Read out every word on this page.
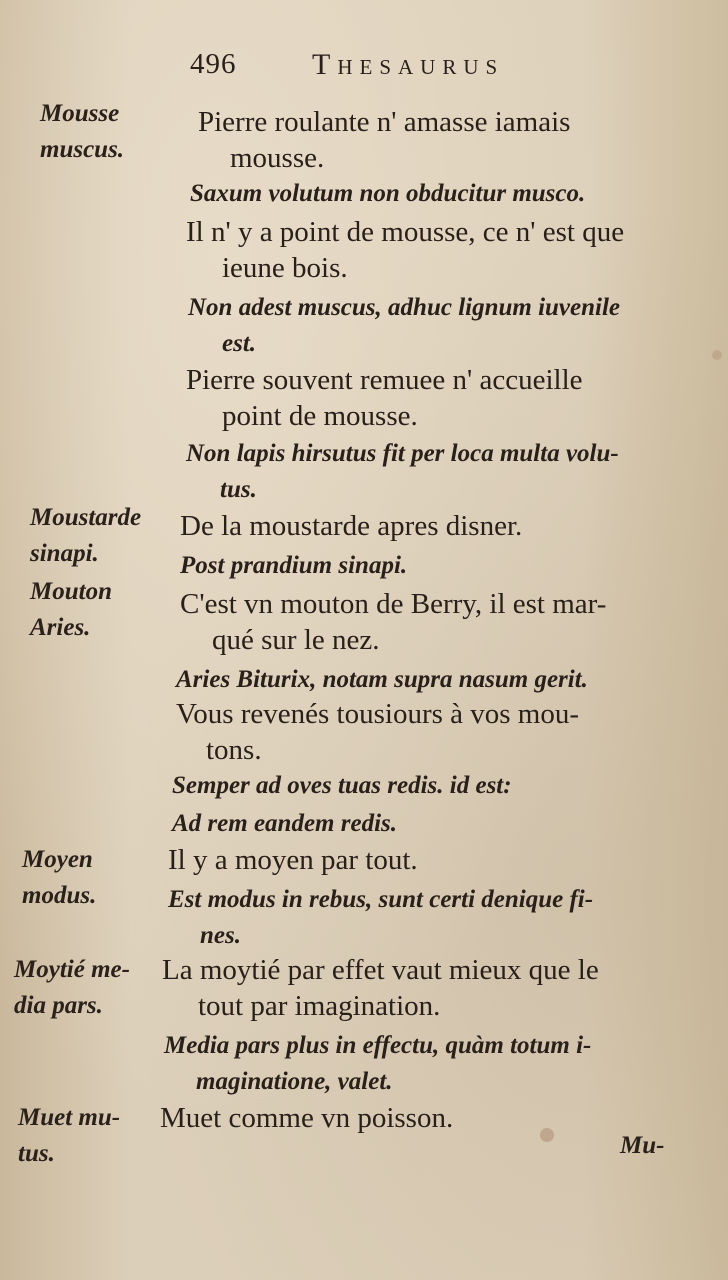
496	Thesaurus
Mousse
muscus.
Pierre roulante n' amasse iamais
mousse.
Saxum volutum non obducitur musco.
Il n' y a point de mousse, ce n' est que
ieune bois.
Non adest muscus, adhuc lignum iuvenile
est.
Pierre souvent remuee n' accueille
point de mousse.
Non lapis hirsutus fit per loca multa volu-
tus.
Moustarde
sinapi.
De la moustarde apres disner.
Post prandium sinapi.
Mouton
Aries.
C'est vn mouton de Berry, il est mar-
qué sur le nez.
Aries Biturix, notam supra nasum gerit.
Vous revenés tousiours à vos mou-
tons.
Semper ad oves tuas redis. id est:
Ad rem eandem redis.
Moyen
modus.
Il y a moyen par tout.
Est modus in rebus, sunt certi denique fi-
nes.
Moytié me-
dia pars.
La moytié par effet vaut mieux que le
tout par imagination.
Media pars plus in effectu, quàm totum i-
maginatione, valet.
Muet mu-
tus.
Muet comme vn poisson.
Mu-
